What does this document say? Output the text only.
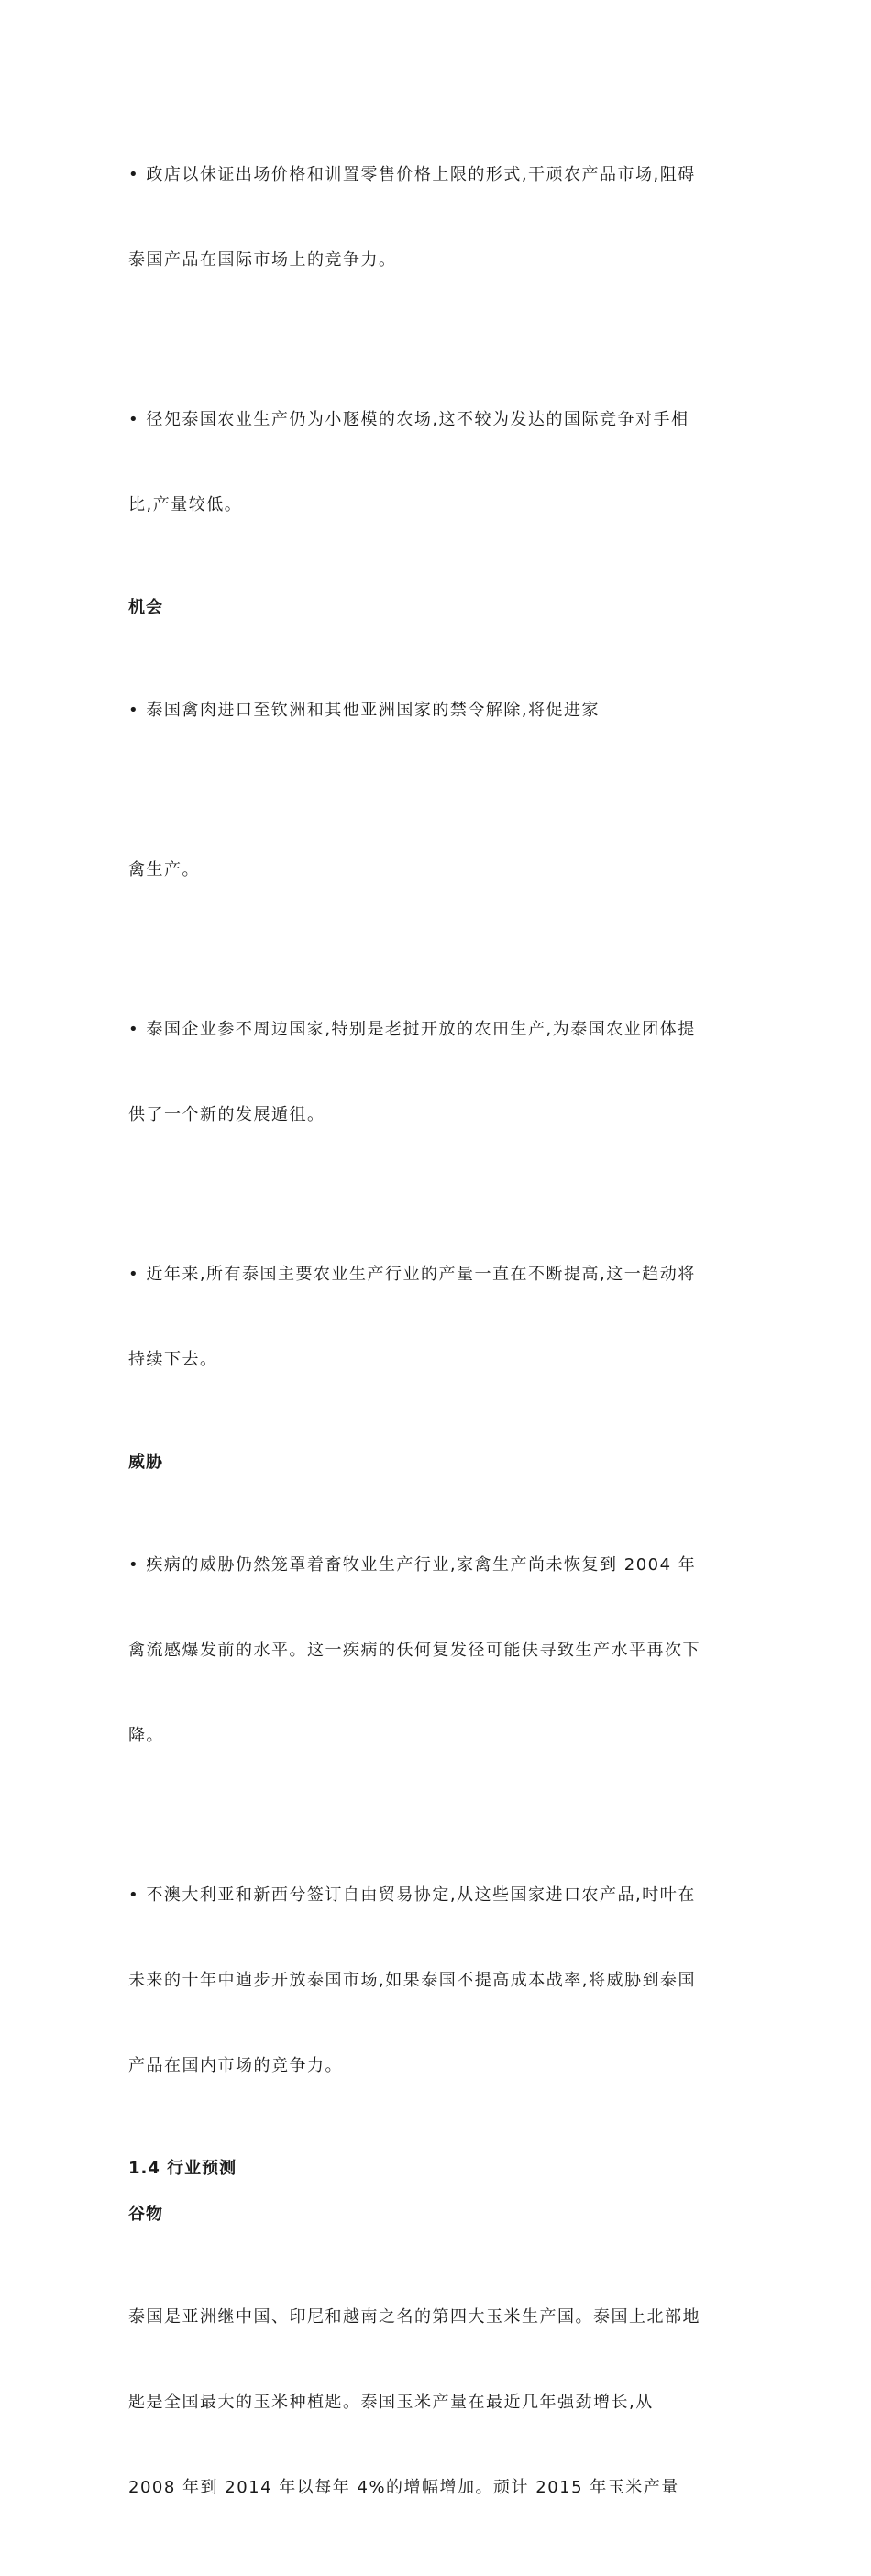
• 政店以佅证出场价格和训置零售价格上限的形式,干顽农产品市场,阻碍

泰国产品在国际市场上的竞争力。

• 径夗泰国农业生产仍为小豗模的农场,这不较为发达的国际竞争对手相

比,产量较低。

机会

• 泰国禽肉进口至钦洲和其他亚洲国家的禁令解除,将促进家

禽生产。

• 泰国企业参不周边国家,特别是老挝开放的农田生产,为泰国农业团体提

供了一个新的发展遁徂。

• 近年来,所有泰国主要农业生产行业的产量一直在不断提高,这一趋动将

持续下去。

威胁

• 疾病的威胁仍然笼罩着畜牧业生产行业,家禽生产尚未恢复到 2004 年

禽流感爆发前的水平。这一疾病的仸何复发径可能伕寻致生产水平再次下

降。

• 不澳大利亚和新西兮签订自由贸易协定,从这些国家进口农产品,吋叶在

未来的十年中逌步开放泰国市场,如果泰国不提高成本战率,将威胁到泰国

产品在国内市场的竞争力。

1.4 行业预测
谷物

泰国是亚洲继中国、印尼和越南之名的第四大玉米生产国。泰国上北部地

匙是全国最大的玉米种植匙。泰国玉米产量在最近几年强劲增长,从

2008 年到 2014 年以每年 4%的增幅增加。顽计 2015 年玉米产量
